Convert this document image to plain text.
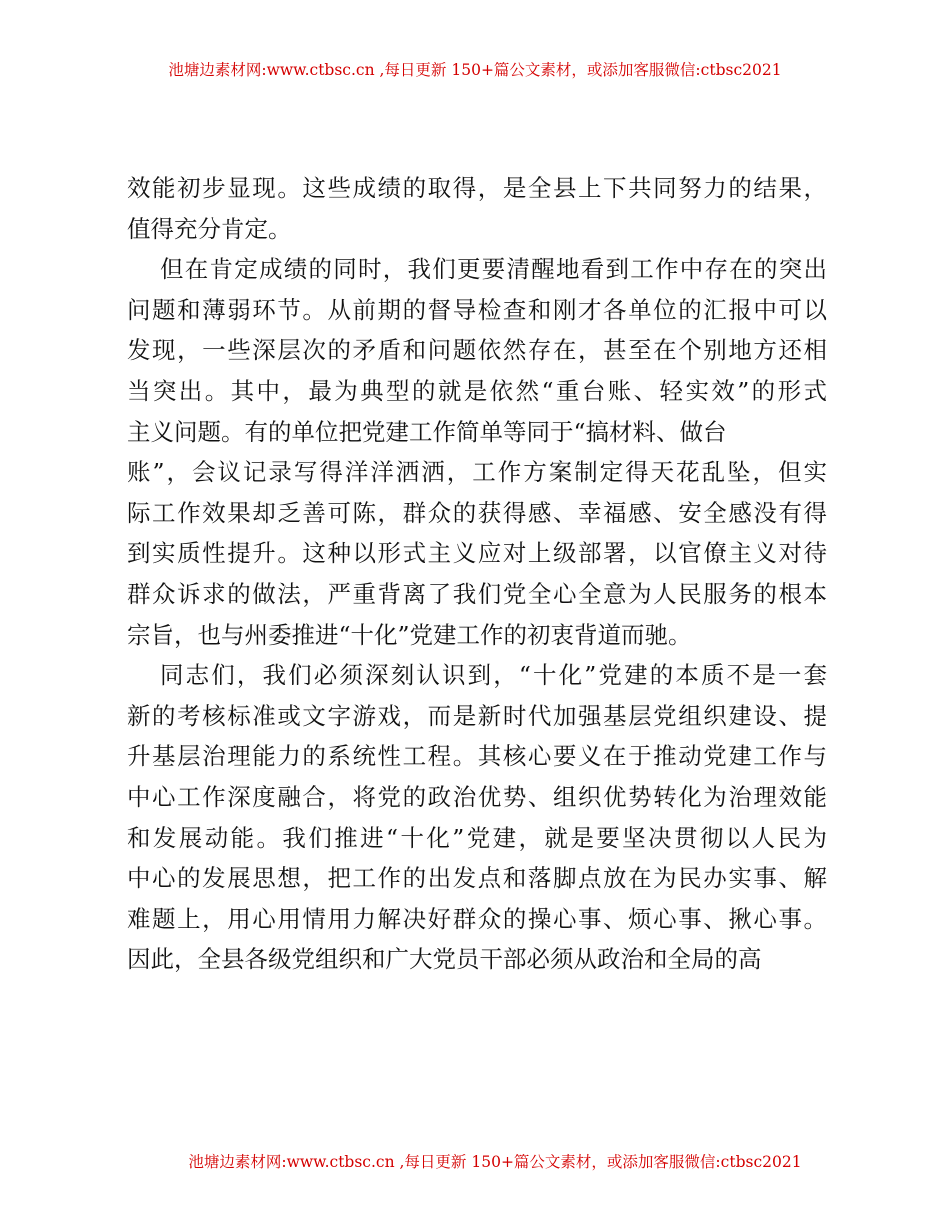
池塘边素材网:www.ctbsc.cn ,每日更新 150+篇公文素材，或添加客服微信:ctbsc2021
效能初步显现。这些成绩的取得，是全县上下共同努力的结果，
值得充分肯定。
但在肯定成绩的同时，我们更要清醒地看到工作中存在的突出
问题和薄弱环节。从前期的督导检查和刚才各单位的汇报中可以
发现，一些深层次的矛盾和问题依然存在，甚至在个别地方还相
当突出。其中，最为典型的就是依然“重台账、轻实效”的形式
主义问题。有的单位把党建工作简单等同于“搞材料、做台
账”，会议记录写得洋洋洒洒，工作方案制定得天花乱坠，但实
际工作效果却乏善可陈，群众的获得感、幸福感、安全感没有得
到实质性提升。这种以形式主义应对上级部署，以官僚主义对待
群众诉求的做法，严重背离了我们党全心全意为人民服务的根本
宗旨，也与州委推进“十化”党建工作的初衷背道而驰。
同志们，我们必须深刻认识到，“十化”党建的本质不是一套
新的考核标准或文字游戏，而是新时代加强基层党组织建设、提
升基层治理能力的系统性工程。其核心要义在于推动党建工作与
中心工作深度融合，将党的政治优势、组织优势转化为治理效能
和发展动能。我们推进“十化”党建，就是要坚决贯彻以人民为
中心的发展思想，把工作的出发点和落脚点放在为民办实事、解
难题上，用心用情用力解决好群众的操心事、烦心事、揪心事。
因此，全县各级党组织和广大党员干部必须从政治和全局的高
池塘边素材网:www.ctbsc.cn ,每日更新 150+篇公文素材，或添加客服微信:ctbsc2021
